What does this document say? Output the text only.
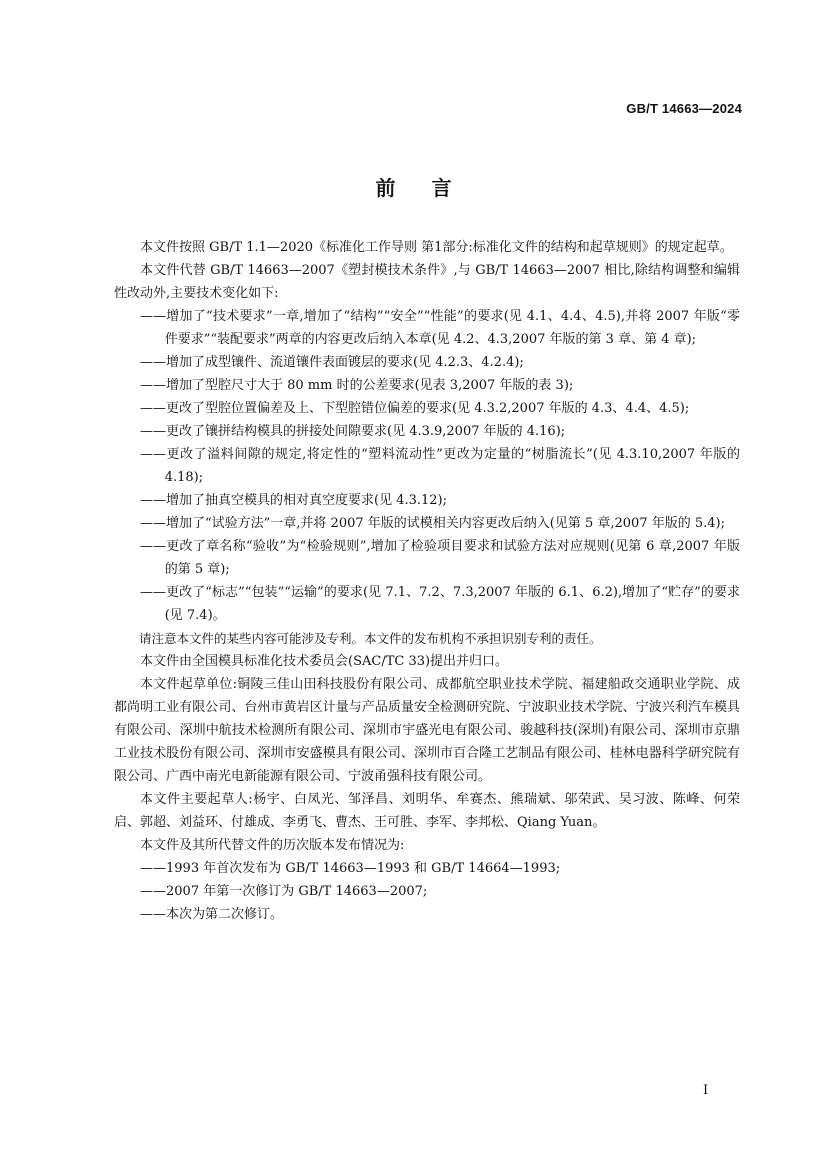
GB/T 14663—2024
前言

本文件按照 GB/T 1.1—2020《标准化工作导则 第1部分:标准化文件的结构和起草规则》的规定起草。

本文件代替 GB/T 14663—2007《塑封模技术条件》,与 GB/T 14663—2007 相比,除结构调整和编辑性改动外,主要技术变化如下:

——增加了“技术要求”一章,增加了“结构”“安全”“性能”的要求(见 4.1、4.4、4.5),并将 2007 年版“零件要求”“装配要求”两章的内容更改后纳入本章(见 4.2、4.3,2007 年版的第 3 章、第 4 章);

——增加了成型镶件、流道镶件表面镀层的要求(见 4.2.3、4.2.4);

——增加了型腔尺寸大于 80 mm 时的公差要求(见表 3,2007 年版的表 3);

——更改了型腔位置偏差及上、下型腔错位偏差的要求(见 4.3.2,2007 年版的 4.3、4.4、4.5);

——更改了镶拼结构模具的拼接处间隙要求(见 4.3.9,2007 年版的 4.16);

——更改了溢料间隙的规定,将定性的“塑料流动性”更改为定量的“树脂流长”(见 4.3.10,2007 年版的 4.18);

——增加了抽真空模具的相对真空度要求(见 4.3.12);

——增加了“试验方法”一章,并将 2007 年版的试模相关内容更改后纳入(见第 5 章,2007 年版的 5.4);

——更改了章名称“验收”为“检验规则”,增加了检验项目要求和试验方法对应规则(见第 6 章,2007 年版的第 5 章);

——更改了“标志”“包装”“运输”的要求(见 7.1、7.2、7.3,2007 年版的 6.1、6.2),增加了“贮存”的要求(见 7.4)。

请注意本文件的某些内容可能涉及专利。本文件的发布机构不承担识别专利的责任。

本文件由全国模具标准化技术委员会(SAC/TC 33)提出并归口。

本文件起草单位:铜陵三佳山田科技股份有限公司、成都航空职业技术学院、福建船政交通职业学院、成都尚明工业有限公司、台州市黄岩区计量与产品质量安全检测研究院、宁波职业技术学院、宁波兴利汽车模具有限公司、深圳中航技术检测所有限公司、深圳市宇盛光电有限公司、骏越科技(深圳)有限公司、深圳市京鼎工业技术股份有限公司、深圳市安盛模具有限公司、深圳市百合隆工艺制品有限公司、桂林电器科学研究院有限公司、广西中南光电新能源有限公司、宁波甬强科技有限公司。

本文件主要起草人:杨宇、白凤光、邹泽昌、刘明华、牟赛杰、熊瑞斌、邬荣武、吴习波、陈峰、何荣启、郭超、刘益环、付雄成、李勇飞、曹杰、王可胜、李军、李邦松、Qiang Yuan。

本文件及其所代替文件的历次版本发布情况为:

——1993 年首次发布为 GB/T 14663—1993 和 GB/T 14664—1993;

——2007 年第一次修订为 GB/T 14663—2007;

——本次为第二次修订。

I
